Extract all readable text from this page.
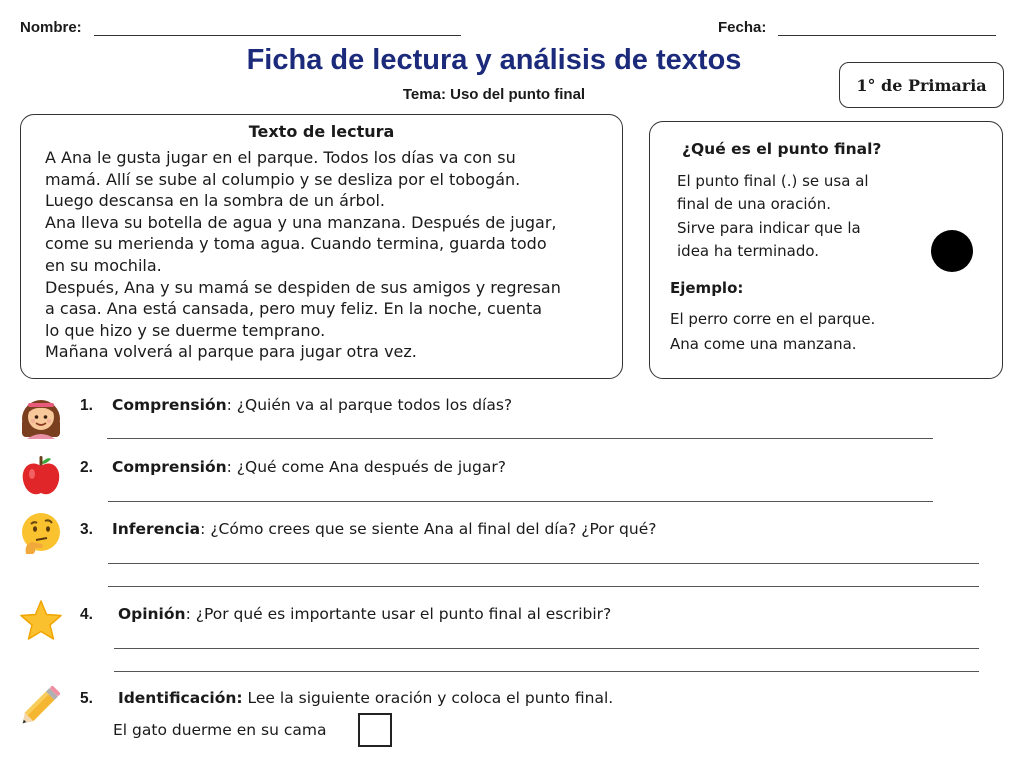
Nombre:	Fecha:
Ficha de lectura y análisis de textos
Tema: Uso del punto final	1° de Primaria
Texto de lectura
A Ana le gusta jugar en el parque. Todos los días va con su
mamá. Allí se sube al columpio y se desliza por el tobogán.
Luego descansa en la sombra de un árbol.
Ana lleva su botella de agua y una manzana. Después de jugar,
come su merienda y toma agua. Cuando termina, guarda todo
en su mochila.
Después, Ana y su mamá se despiden de sus amigos y regresan
a casa. Ana está cansada, pero muy feliz. En la noche, cuenta
lo que hizo y se duerme temprano.
Mañana volverá al parque para jugar otra vez.
¿Qué es el punto final?
El punto final (.) se usa al
final de una oración.
Sirve para indicar que la
idea ha terminado.
Ejemplo:
El perro corre en el parque.
Ana come una manzana.
1. Comprensión: ¿Quién va al parque todos los días?
2. Comprensión: ¿Qué come Ana después de jugar?
3. Inferencia: ¿Cómo crees que se siente Ana al final del día? ¿Por qué?
4. Opinión: ¿Por qué es importante usar el punto final al escribir?
5. Identificación: Lee la siguiente oración y coloca el punto final.
El gato duerme en su cama
